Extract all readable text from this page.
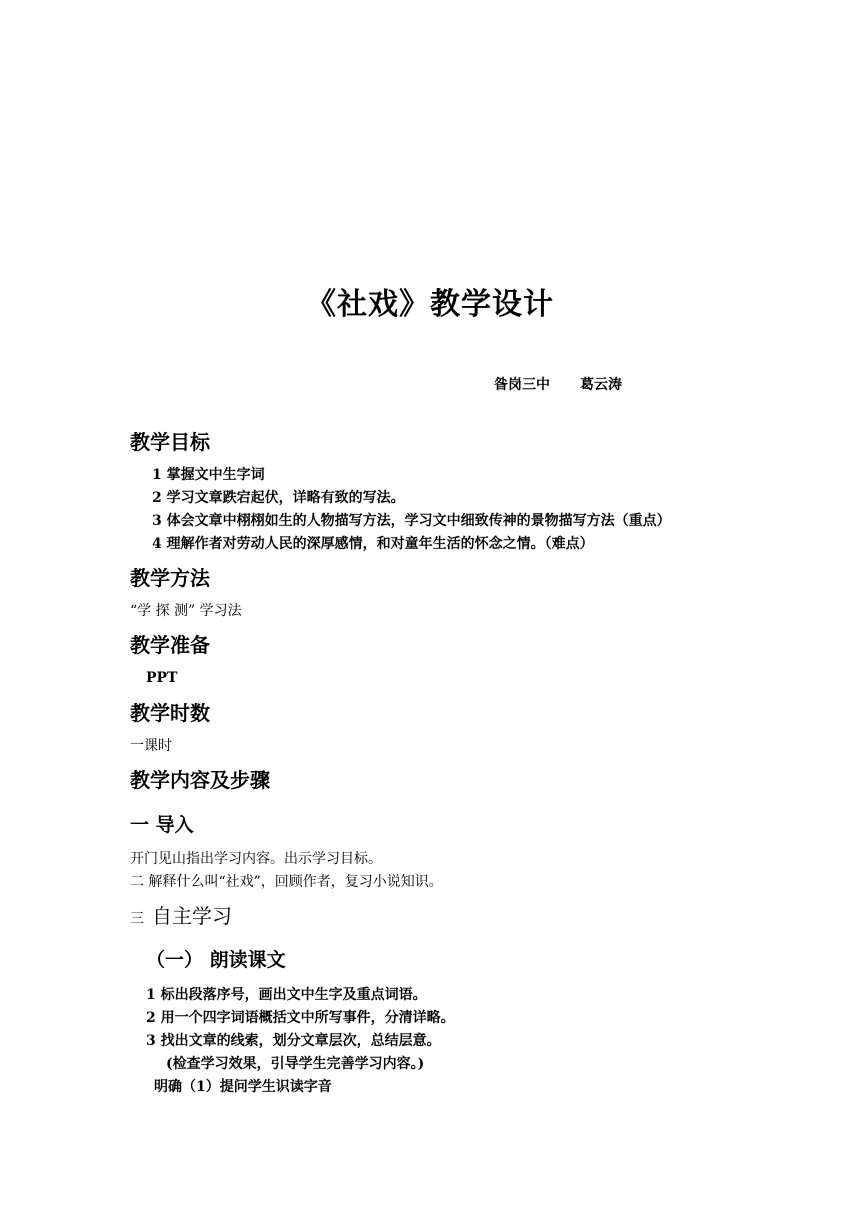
《社戏》教学设计
昝岗三中 葛云涛
教学目标
1 掌握文中生字词
2 学习文章跌宕起伏，详略有致的写法。
3 体会文章中栩栩如生的人物描写方法，学习文中细致传神的景物描写方法（重点）
4 理解作者对劳动人民的深厚感情，和对童年生活的怀念之情。（难点）
教学方法
“学 探 测” 学习法
教学准备
PPT
教学时数
一课时
教学内容及步骤
一 导入
开门见山指出学习内容。出示学习目标。
二 解释什么叫“社戏”，回顾作者，复习小说知识。
三 自主学习
（一） 朗读课文
1 标出段落序号，画出文中生字及重点词语。
2 用一个四字词语概括文中所写事件，分清详略。
3 找出文章的线索，划分文章层次，总结层意。
(检查学习效果，引导学生完善学习内容。)
明确（1）提问学生识读字音
